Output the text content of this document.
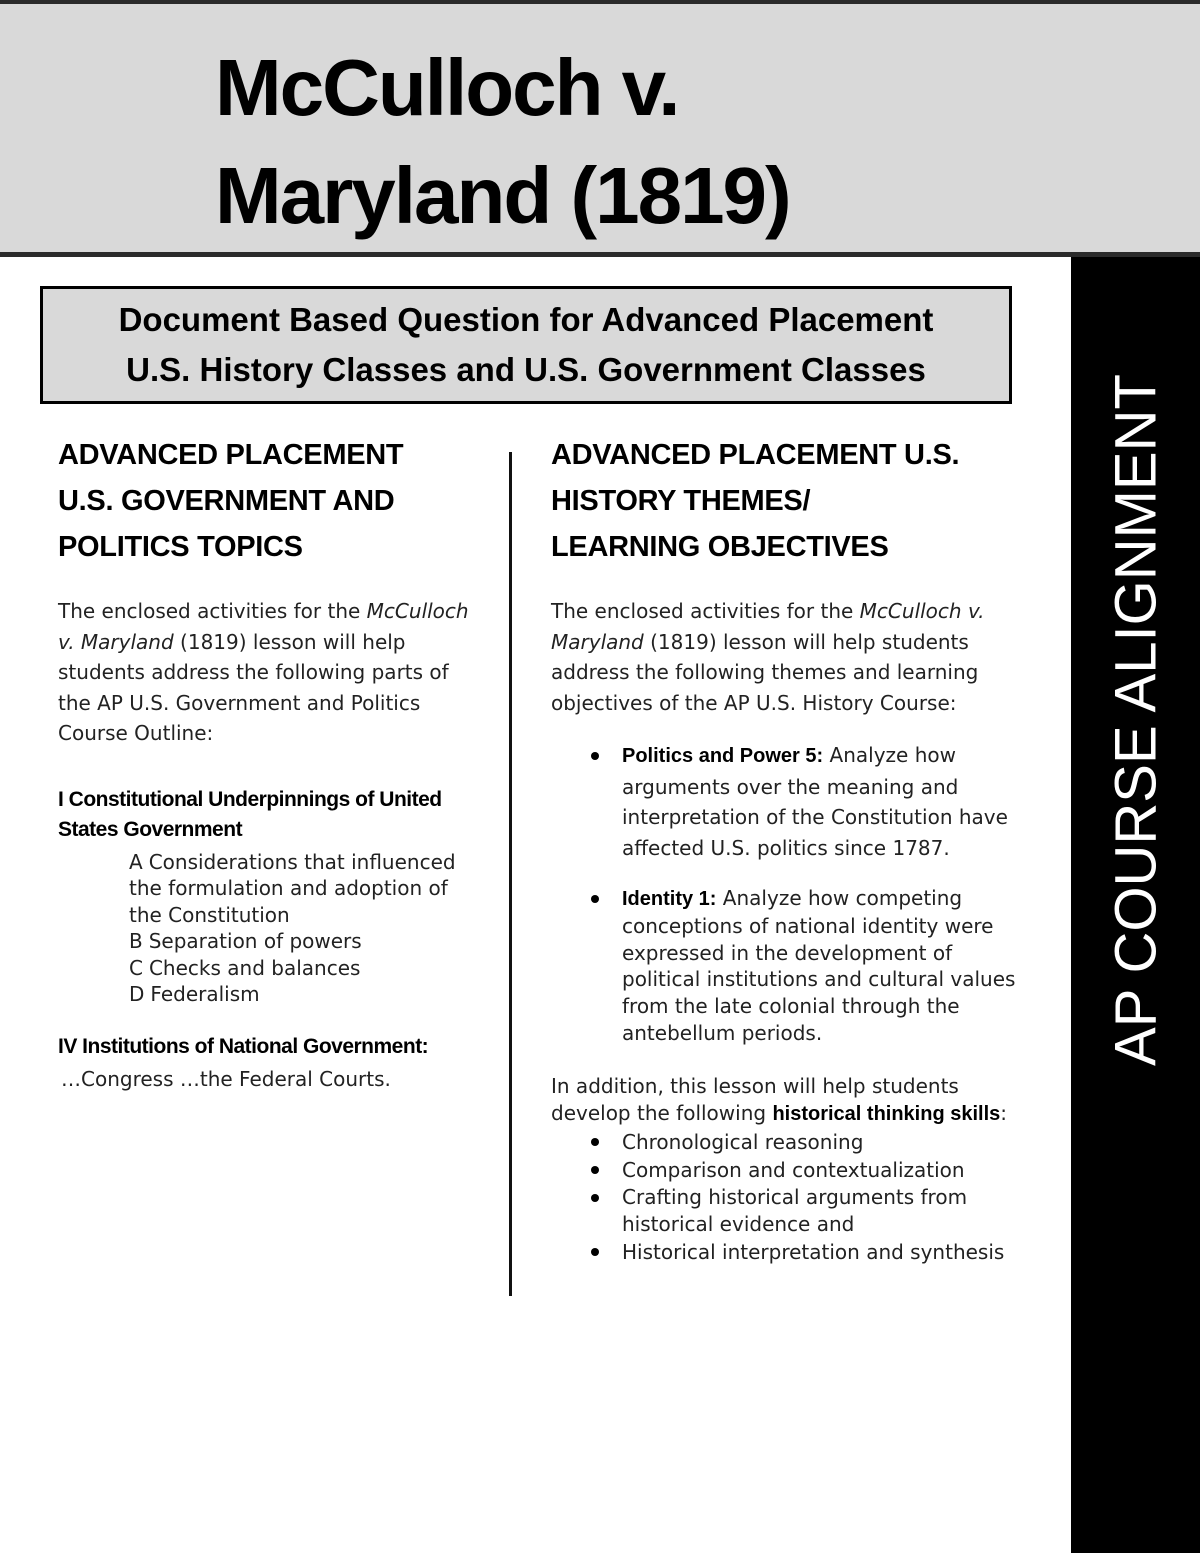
McCulloch v.
Maryland (1819)
AP COURSE ALIGNMENT
Document Based Question for Advanced Placement
U.S. History Classes and U.S. Government Classes
ADVANCED PLACEMENT
U.S. GOVERNMENT AND
POLITICS TOPICS

The enclosed activities for the McCulloch v. Maryland (1819) lesson will help students address the following parts of the AP U.S. Government and Politics Course Outline:

I Constitutional Underpinnings of United States Government
A Considerations that influenced the formulation and adoption of the Constitution
B Separation of powers
C Checks and balances
D Federalism
IV Institutions of National Government:
…Congress …the Federal Courts.
ADVANCED PLACEMENT U.S.
HISTORY THEMES/
LEARNING OBJECTIVES

The enclosed activities for the McCulloch v. Maryland (1819) lesson will help students address the following themes and learning objectives of the AP U.S. History Course:

Politics and Power 5: Analyze how arguments over the meaning and interpretation of the Constitution have affected U.S. politics since 1787.
Identity 1: Analyze how competing conceptions of national identity were expressed in the development of political institutions and cultural values from the late colonial through the antebellum periods.

In addition, this lesson will help students develop the following historical thinking skills:

Chronological reasoning
Comparison and contextualization
Crafting historical arguments from historical evidence and
Historical interpretation and synthesis
